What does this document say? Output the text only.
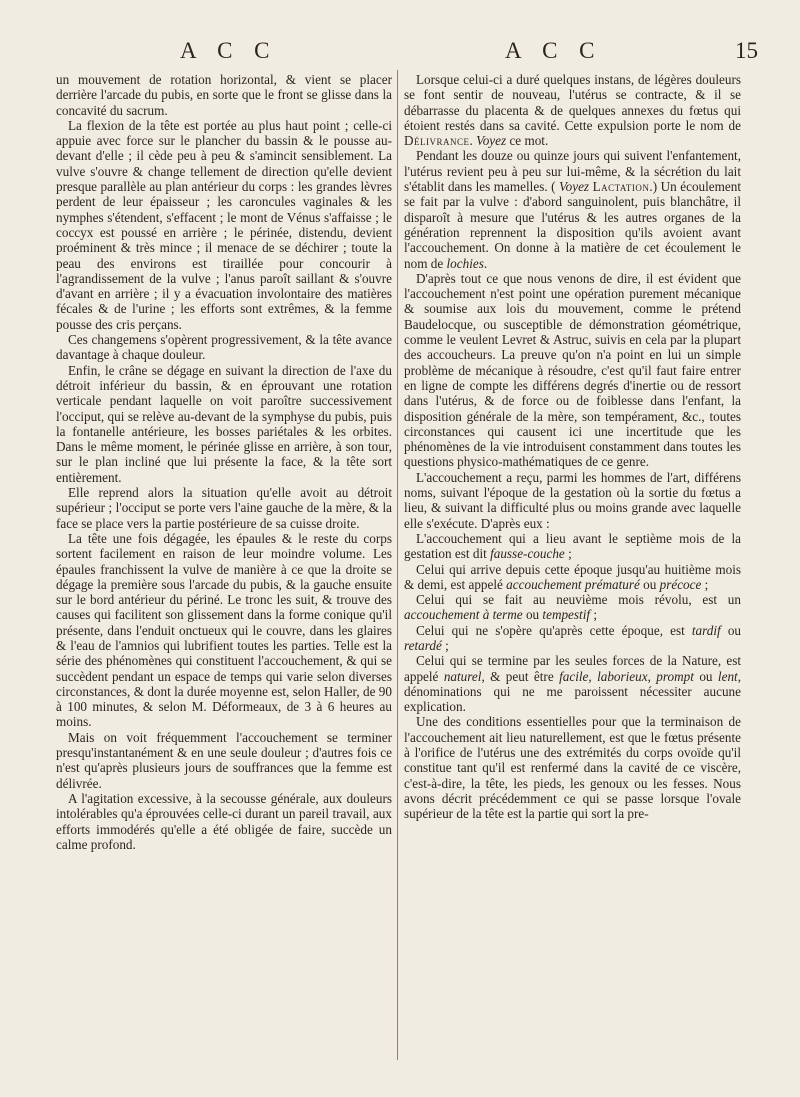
A C C	A C C	15

un mouvement de rotation horizontal, & vient se placer derrière l'arcade du pubis, en sorte que le front se glisse dans la concavité du sacrum.

La flexion de la tête est portée au plus haut point ; celle-ci appuie avec force sur le plancher du bassin & le pousse au-devant d'elle ; il cède peu à peu & s'amincit sensiblement. La vulve s'ouvre & change tellement de direction qu'elle devient presque parallèle au plan antérieur du corps : les grandes lèvres perdent de leur épaisseur ; les caroncules vaginales & les nymphes s'étendent, s'effacent ; le mont de Vénus s'affaisse ; le coccyx est poussé en arrière ; le périnée, distendu, devient proéminent & très mince ; il menace de se déchirer ; toute la peau des environs est tiraillée pour concourir à l'agrandissement de la vulve ; l'anus paroît saillant & s'ouvre d'avant en arrière ; il y a évacuation involontaire des matières fécales & de l'urine ; les efforts sont extrêmes, & la femme pousse des cris perçans.

Ces changemens s'opèrent progressivement, & la tête avance davantage à chaque douleur.

Enfin, le crâne se dégage en suivant la direction de l'axe du détroit inférieur du bassin, & en éprouvant une rotation verticale pendant laquelle on voit paroître successivement l'occiput, qui se relève au-devant de la symphyse du pubis, puis la fontanelle antérieure, les bosses pariétales & les orbites. Dans le même moment, le périnée glisse en arrière, à son tour, sur le plan incliné que lui présente la face, & la tête sort entièrement.

Elle reprend alors la situation qu'elle avoit au détroit supérieur ; l'occiput se porte vers l'aine gauche de la mère, & la face se place vers la partie postérieure de sa cuisse droite.

La tête une fois dégagée, les épaules & le reste du corps sortent facilement en raison de leur moindre volume. Les épaules franchissent la vulve de manière à ce que la droite se dégage la première sous l'arcade du pubis, & la gauche ensuite sur le bord antérieur du périné. Le tronc les suit, & trouve des causes qui facilitent son glissement dans la forme conique qu'il présente, dans l'enduit onctueux qui le couvre, dans les glaires & l'eau de l'amnios qui lubrifient toutes les parties. Telle est la série des phénomènes qui constituent l'accouchement, & qui se succèdent pendant un espace de temps qui varie selon diverses circonstances, & dont la durée moyenne est, selon Haller, de 90 à 100 minutes, & selon M. Déformeaux, de 3 à 6 heures au moins.

Mais on voit fréquemment l'accouchement se terminer presqu'instantanément & en une seule douleur ; d'autres fois ce n'est qu'après plusieurs jours de souffrances que la femme est délivrée.

A l'agitation excessive, à la secousse générale, aux douleurs intolérables qu'a éprouvées celle-ci durant un pareil travail, aux efforts immodérés qu'elle a été obligée de faire, succède un calme profond.

Lorsque celui-ci a duré quelques instans, de légères douleurs se font sentir de nouveau, l'utérus se contracte, & il se débarrasse du placenta & de quelques annexes du fœtus qui étoient restés dans sa cavité. Cette expulsion porte le nom de Délivrance. Voyez ce mot.

Pendant les douze ou quinze jours qui suivent l'enfantement, l'utérus revient peu à peu sur lui-même, & la sécrétion du lait s'établit dans les mamelles. ( Voyez Lactation.) Un écoulement se fait par la vulve : d'abord sanguinolent, puis blanchâtre, il disparoît à mesure que l'utérus & les autres organes de la génération reprennent la disposition qu'ils avoient avant l'accouchement. On donne à la matière de cet écoulement le nom de lochies.

D'après tout ce que nous venons de dire, il est évident que l'accouchement n'est point une opération purement mécanique & soumise aux lois du mouvement, comme le prétend Baudelocque, ou susceptible de démonstration géométrique, comme le veulent Levret & Astruc, suivis en cela par la plupart des accoucheurs. La preuve qu'on n'a point en lui un simple problème de mécanique à résoudre, c'est qu'il faut faire entrer en ligne de compte les différens degrés d'inertie ou de ressort dans l'utérus, & de force ou de foiblesse dans l'enfant, la disposition générale de la mère, son tempérament, &c., toutes circonstances qui causent ici une incertitude que les phénomènes de la vie introduisent constamment dans toutes les questions physico-mathématiques de ce genre.

L'accouchement a reçu, parmi les hommes de l'art, différens noms, suivant l'époque de la gestation où la sortie du fœtus a lieu, & suivant la difficulté plus ou moins grande avec laquelle elle s'exécute. D'après eux :

L'accouchement qui a lieu avant le septième mois de la gestation est dit fausse-couche ;

Celui qui arrive depuis cette époque jusqu'au huitième mois & demi, est appelé accouchement prématuré ou précoce ;

Celui qui se fait au neuvième mois révolu, est un accouchement à terme ou tempestif ;

Celui qui ne s'opère qu'après cette époque, est tardif ou retardé ;

Celui qui se termine par les seules forces de la Nature, est appelé naturel, & peut être facile, laborieux, prompt ou lent, dénominations qui ne me paroissent nécessiter aucune explication.

Une des conditions essentielles pour que la terminaison de l'accouchement ait lieu naturellement, est que le fœtus présente à l'orifice de l'utérus une des extrémités du corps ovoïde qu'il constitue tant qu'il est renfermé dans la cavité de ce viscère, c'est-à-dire, la tête, les pieds, les genoux ou les fesses. Nous avons décrit précédemment ce qui se passe lorsque l'ovale supérieur de la tête est la partie qui sort la pre-
